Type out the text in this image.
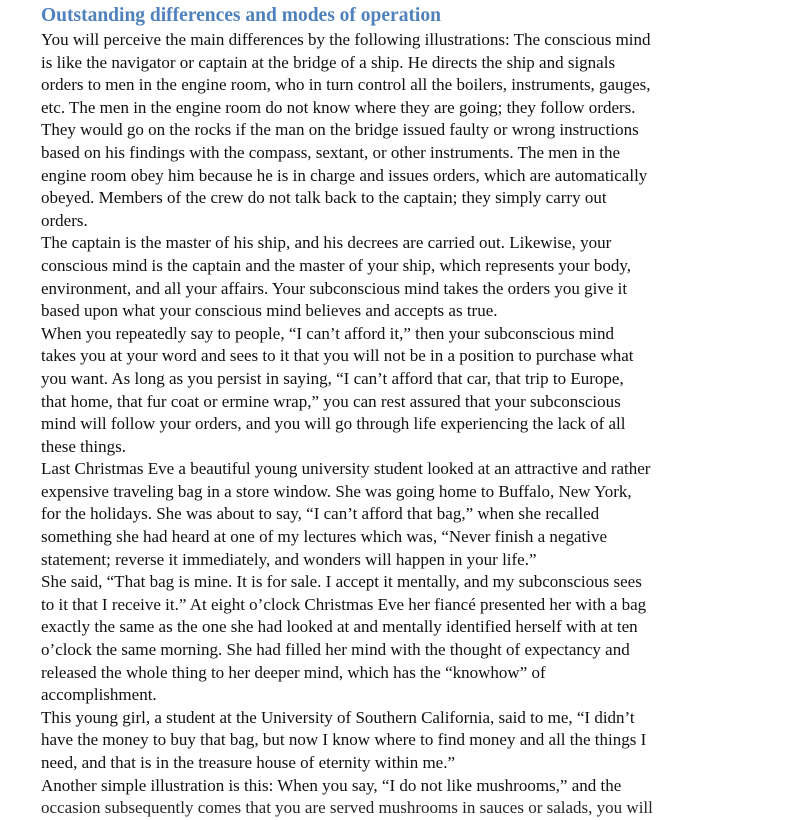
Outstanding differences and modes of operation
You will perceive the main differences by the following illustrations: The conscious mind
is like the navigator or captain at the bridge of a ship. He directs the ship and signals
orders to men in the engine room, who in turn control all the boilers, instruments, gauges,
etc. The men in the engine room do not know where they are going; they follow orders.
They would go on the rocks if the man on the bridge issued faulty or wrong instructions
based on his findings with the compass, sextant, or other instruments. The men in the
engine room obey him because he is in charge and issues orders, which are automatically
obeyed. Members of the crew do not talk back to the captain; they simply carry out
orders.
The captain is the master of his ship, and his decrees are carried out. Likewise, your
conscious mind is the captain and the master of your ship, which represents your body,
environment, and all your affairs. Your subconscious mind takes the orders you give it
based upon what your conscious mind believes and accepts as true.
When you repeatedly say to people, “I can’t afford it,” then your subconscious mind
takes you at your word and sees to it that you will not be in a position to purchase what
you want. As long as you persist in saying, “I can’t afford that car, that trip to Europe,
that home, that fur coat or ermine wrap,” you can rest assured that your subconscious
mind will follow your orders, and you will go through life experiencing the lack of all
these things.
Last Christmas Eve a beautiful young university student looked at an attractive and rather
expensive traveling bag in a store window. She was going home to Buffalo, New York,
for the holidays. She was about to say, “I can’t afford that bag,” when she recalled
something she had heard at one of my lectures which was, “Never finish a negative
statement; reverse it immediately, and wonders will happen in your life.”
She said, “That bag is mine. It is for sale. I accept it mentally, and my subconscious sees
to it that I receive it.” At eight o’clock Christmas Eve her fiancé presented her with a bag
exactly the same as the one she had looked at and mentally identified herself with at ten
o’clock the same morning. She had filled her mind with the thought of expectancy and
released the whole thing to her deeper mind, which has the “knowhow” of
accomplishment.
This young girl, a student at the University of Southern California, said to me, “I didn’t
have the money to buy that bag, but now I know where to find money and all the things I
need, and that is in the treasure house of eternity within me.”
Another simple illustration is this: When you say, “I do not like mushrooms,” and the
occasion subsequently comes that you are served mushrooms in sauces or salads, you will
